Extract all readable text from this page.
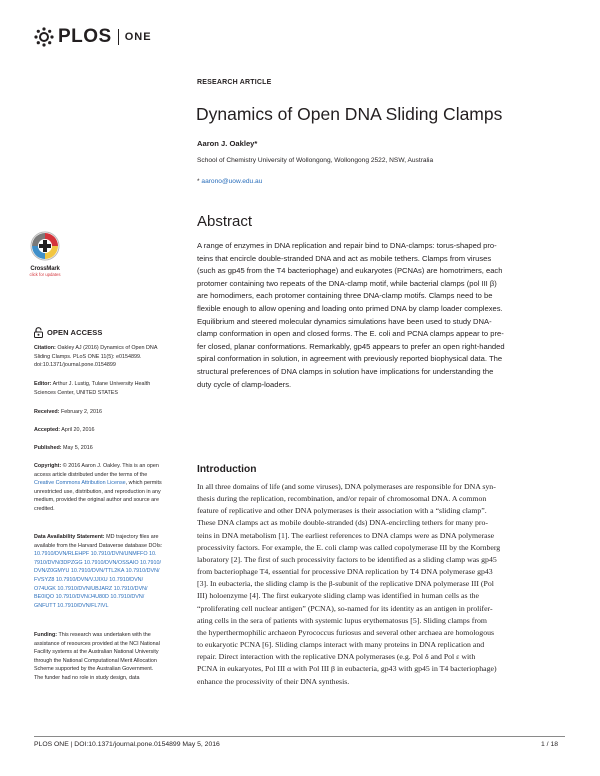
PLOS ONE
RESEARCH ARTICLE
Dynamics of Open DNA Sliding Clamps
Aaron J. Oakley*
School of Chemistry University of Wollongong, Wollongong 2522, NSW, Australia
* aarono@uow.edu.au
CrossMark
click for updates
OPEN ACCESS
Citation: Oakley AJ (2016) Dynamics of Open DNA
Sliding Clamps. PLoS ONE 11(5): e0154899.
doi:10.1371/journal.pone.0154899
Editor: Arthur J. Lustig, Tulane University Health
Sciences Center, UNITED STATES
Received: February 2, 2016
Accepted: April 20, 2016
Published: May 5, 2016
Copyright: © 2016 Aaron J. Oakley. This is an open
access article distributed under the terms of the
Creative Commons Attribution License, which permits
unrestricted use, distribution, and reproduction in any
medium, provided the original author and source are
credited.
Data Availability Statement: MD trajectory files are
available from the Harvard Dataverse database DOIs:
10.7910/DVN/RLEHPF 10.7910/DVN/UNMFFO 10.
7910/DVN/3DPZGG 10.7910/DVN/OSSAIO 10.7910/
DVN/Z0GMYU 10.7910/DVN/TTL2KA 10.7910/DVN/
FVSYZ8 10.7910/DVN/VJJIXU 10.7910/DVN/
O74UGK 10.7910/DVN/UBJARZ 10.7910/DVN/
BE0IQO 10.7910/DVN/J4U80D 10.7910/DVN/
GNFUTT 10.7910/DVN/FL7IVL
Funding: This research was undertaken with the
assistance of resources provided at the NCI National
Facility systems at the Australian National University
through the National Computational Merit Allocation
Scheme supported by the Australian Government.
The funder had no role in study design, data
Abstract
A range of enzymes in DNA replication and repair bind to DNA-clamps: torus-shaped pro-
teins that encircle double-stranded DNA and act as mobile tethers. Clamps from viruses
(such as gp45 from the T4 bacteriophage) and eukaryotes (PCNAs) are homotrimers, each
protomer containing two repeats of the DNA-clamp motif, while bacterial clamps (pol III β)
are homodimers, each protomer containing three DNA-clamp motifs. Clamps need to be
flexible enough to allow opening and loading onto primed DNA by clamp loader complexes.
Equilibrium and steered molecular dynamics simulations have been used to study DNA-
clamp conformation in open and closed forms. The E. coli and PCNA clamps appear to pre-
fer closed, planar conformations. Remarkably, gp45 appears to prefer an open right-handed
spiral conformation in solution, in agreement with previously reported biophysical data. The
structural preferences of DNA clamps in solution have implications for understanding the
duty cycle of clamp-loaders.
Introduction
In all three domains of life (and some viruses), DNA polymerases are responsible for DNA syn-
thesis during the replication, recombination, and/or repair of chromosomal DNA. A common
feature of replicative and other DNA polymerases is their association with a “sliding clamp”.
These DNA clamps act as mobile double-stranded (ds) DNA-encircling tethers for many pro-
teins in DNA metabolism [1]. The earliest references to DNA clamps were as DNA polymerase
processivity factors. For example, the E. coli clamp was called copolymerase III by the Kornberg
laboratory [2]. The first of such processivity factors to be identified as a sliding clamp was gp45
from bacteriophage T4, essential for processive DNA replication by T4 DNA polymerase gp43
[3]. In eubacteria, the sliding clamp is the β-subunit of the replicative DNA polymerase III (Pol
III) holoenzyme [4]. The first eukaryote sliding clamp was identified in human cells as the
“proliferating cell nuclear antigen” (PCNA), so-named for its identity as an antigen in prolifer-
ating cells in the sera of patients with systemic lupus erythematosus [5]. Sliding clamps from
the hyperthermophilic archaeon Pyrococcus furiosus and several other archaea are homologous
to eukaryotic PCNA [6]. Sliding clamps interact with many proteins in DNA replication and
repair. Direct interaction with the replicative DNA polymerases (e.g. Pol δ and Pol ε with
PCNA in eukaryotes, Pol III α with Pol III β in eubacteria, gp43 with gp45 in T4 bacteriophage)
enhance the processivity of their DNA synthesis.
PLOS ONE | DOI:10.1371/journal.pone.0154899 May 5, 2016	1 / 18
